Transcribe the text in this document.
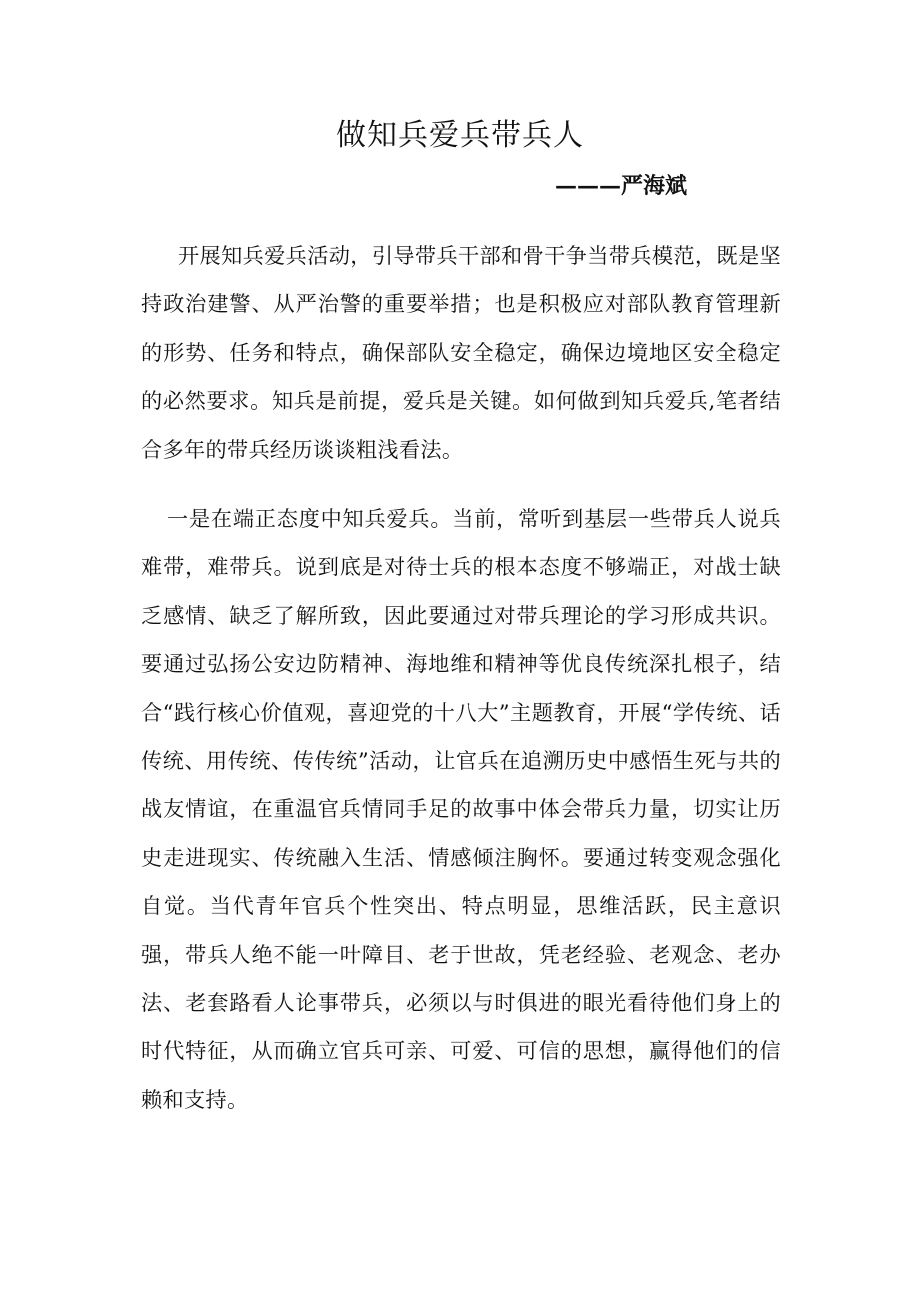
做知兵爱兵带兵人
———严海斌

开展知兵爱兵活动，引导带兵干部和骨干争当带兵模范，既是坚持政治建警、从严治警的重要举措；也是积极应对部队教育管理新的形势、任务和特点，确保部队安全稳定，确保边境地区安全稳定的必然要求。知兵是前提，爱兵是关键。如何做到知兵爱兵,笔者结合多年的带兵经历谈谈粗浅看法。

一是在端正态度中知兵爱兵。当前，常听到基层一些带兵人说兵难带，难带兵。说到底是对待士兵的根本态度不够端正，对战士缺乏感情、缺乏了解所致，因此要通过对带兵理论的学习形成共识。要通过弘扬公安边防精神、海地维和精神等优良传统深扎根子，结合“践行核心价值观，喜迎党的十八大”主题教育，开展“学传统、话传统、用传统、传传统”活动，让官兵在追溯历史中感悟生死与共的战友情谊，在重温官兵情同手足的故事中体会带兵力量，切实让历史走进现实、传统融入生活、情感倾注胸怀。要通过转变观念强化自觉。当代青年官兵个性突出、特点明显，思维活跃，民主意识强，带兵人绝不能一叶障目、老于世故，凭老经验、老观念、老办法、老套路看人论事带兵，必须以与时俱进的眼光看待他们身上的时代特征，从而确立官兵可亲、可爱、可信的思想，赢得他们的信赖和支持。
